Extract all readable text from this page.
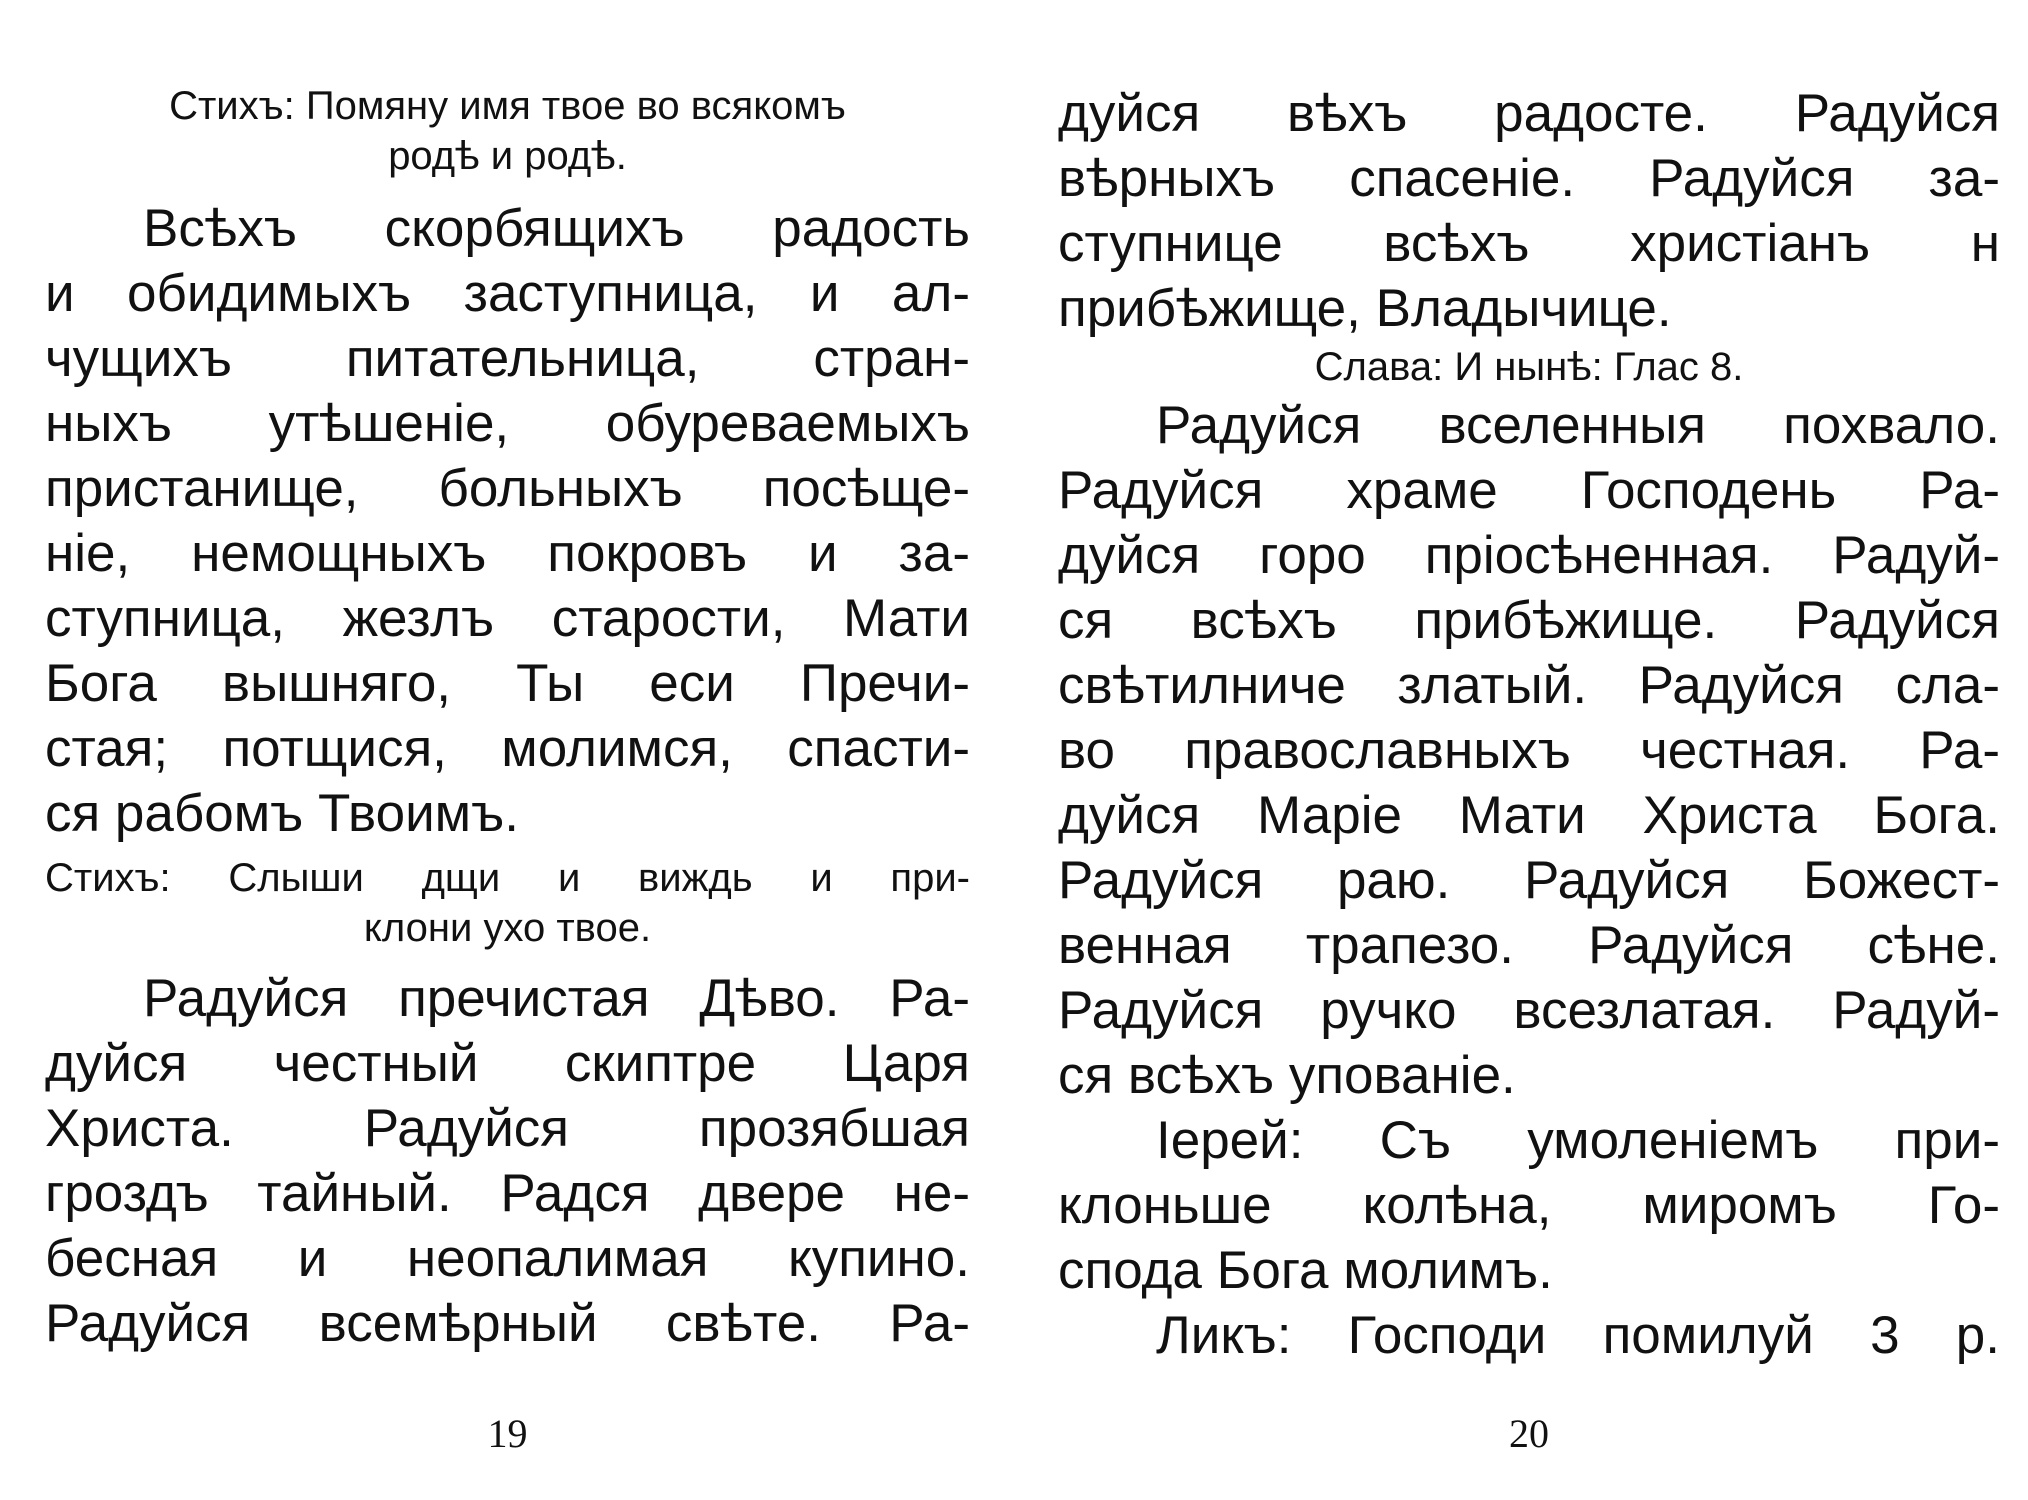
Стихъ: Помяну имя твое во всякомъ
родѣ и родѣ.
Всѣхъ скорбящихъ радость
и обидимыхъ заступница, и ал-
чущихъ питательница, стран-
ныхъ утѣшеніе, обуреваемыхъ
пристанище, больныхъ посѣще-
ніе, немощныхъ покровъ и за-
ступница, жезлъ старости, Мати
Бога вышняго, Ты еси Пречи-
стая; потщися, молимся, спасти-
ся рабомъ Твоимъ.
Стихъ: Слыши дщи и виждь и при-
клони ухо твое.
Радуйся пречистая Дѣво. Ра-
дуйся честный скиптре Царя
Христа. Радуйся прозябшая
гроздъ тайный. Радся двере не-
бесная и неопалимая купино.
Радуйся всемѣрный свѣте. Ра-
19
дуйся вѣхъ радосте. Радуйся
вѣрныхъ спасеніе. Радуйся за-
ступнице всѣхъ христіанъ н
прибѣжище, Владычице.
Слава: И нынѣ: Глас 8.
Радуйся вселенныя похвало.
Радуйся храме Господень Ра-
дуйся горо пріосѣненная. Радуй-
ся всѣхъ прибѣжище. Радуйся
свѣтилниче златый. Радуйся сла-
во православныхъ честная. Ра-
дуйся Маріе Мати Христа Бога.
Радуйся раю. Радуйся Божест-
венная трапезо. Радуйся сѣне.
Радуйся ручко всезлатая. Радуй-
ся всѣхъ упованіе.
Іерей: Съ умоленіемъ при-
клоньше колѣна, миромъ Го-
спода Бога молимъ.
Ликъ: Господи помилуй 3 р.
20
